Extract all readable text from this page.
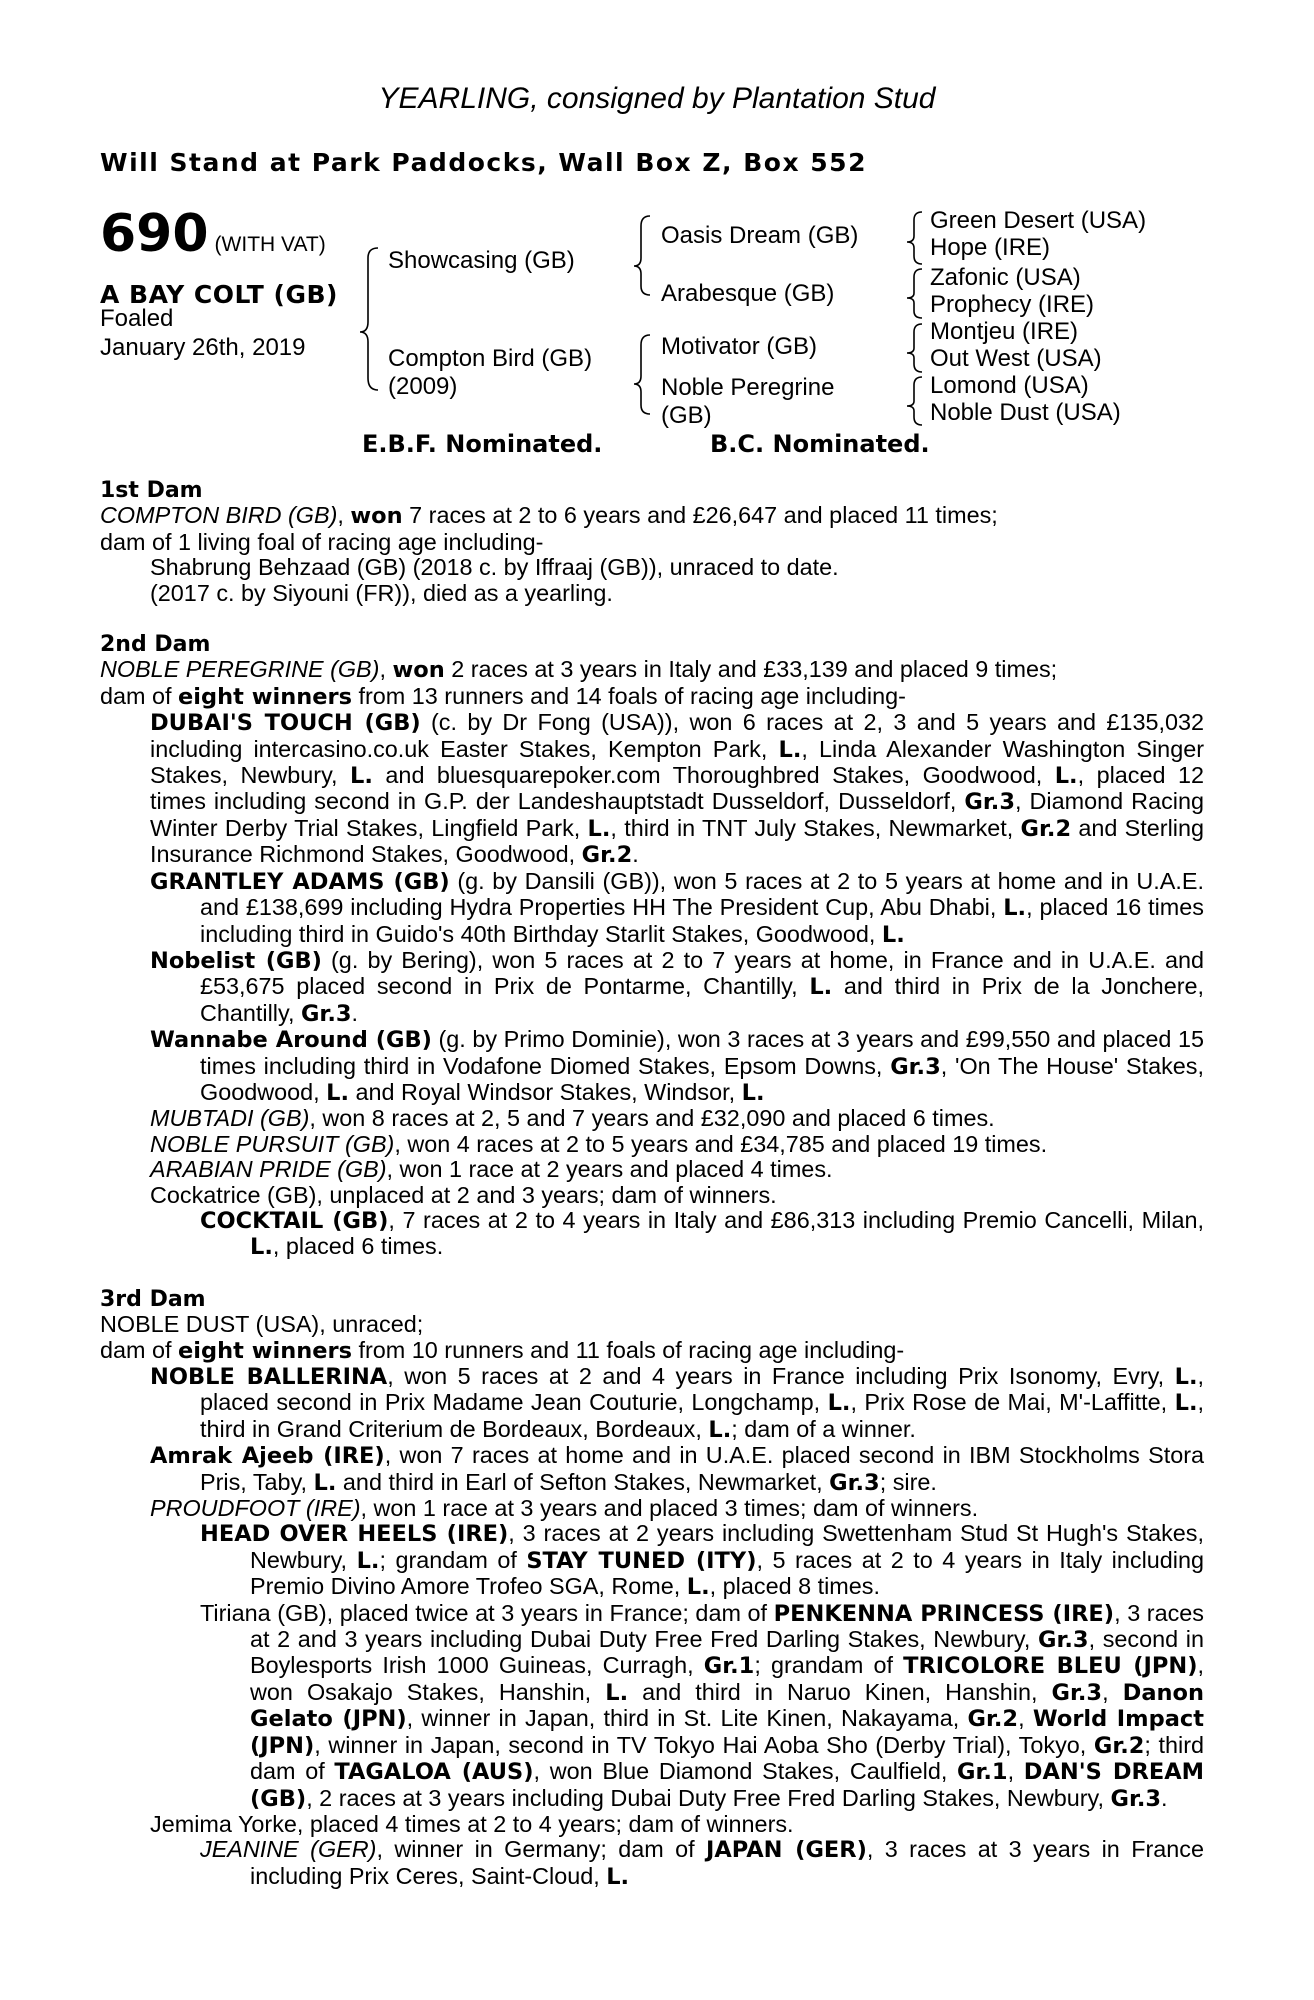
YEARLING, consigned by Plantation Stud
Will Stand at Park Paddocks, Wall Box Z, Box 552
690 (WITH VAT)
A BAY COLT (GB)
Foaled
January 26th, 2019
Showcasing (GB)
Compton Bird (GB)
(2009)
Oasis Dream (GB)
Arabesque (GB)
Motivator (GB)
Noble Peregrine
(GB)
Green Desert (USA)
Hope (IRE)
Zafonic (USA)
Prophecy (IRE)
Montjeu (IRE)
Out West (USA)
Lomond (USA)
Noble Dust (USA)
E.B.F. Nominated.	B.C. Nominated.
1st Dam
COMPTON BIRD (GB), won 7 races at 2 to 6 years and £26,647 and placed 11 times;
dam of 1 living foal of racing age including-
Shabrung Behzaad (GB) (2018 c. by Iffraaj (GB)), unraced to date.
(2017 c. by Siyouni (FR)), died as a yearling.
2nd Dam
NOBLE PEREGRINE (GB), won 2 races at 3 years in Italy and £33,139 and placed 9 times;
dam of eight winners from 13 runners and 14 foals of racing age including-
DUBAI'S TOUCH (GB) (c. by Dr Fong (USA)), won 6 races at 2, 3 and 5 years and £135,032 including intercasino.co.uk Easter Stakes, Kempton Park, L., Linda Alexander Washington Singer Stakes, Newbury, L. and bluesquarepoker.com Thoroughbred Stakes, Goodwood, L., placed 12 times including second in G.P. der Landeshauptstadt Dusseldorf, Dusseldorf, Gr.3, Diamond Racing Winter Derby Trial Stakes, Lingfield Park, L., third in TNT July Stakes, Newmarket, Gr.2 and Sterling Insurance Richmond Stakes, Goodwood, Gr.2.
GRANTLEY ADAMS (GB) (g. by Dansili (GB)), won 5 races at 2 to 5 years at home and in U.A.E. and £138,699 including Hydra Properties HH The President Cup, Abu Dhabi, L., placed 16 times including third in Guido's 40th Birthday Starlit Stakes, Goodwood, L.
Nobelist (GB) (g. by Bering), won 5 races at 2 to 7 years at home, in France and in U.A.E. and £53,675 placed second in Prix de Pontarme, Chantilly, L. and third in Prix de la Jonchere, Chantilly, Gr.3.
Wannabe Around (GB) (g. by Primo Dominie), won 3 races at 3 years and £99,550 and placed 15 times including third in Vodafone Diomed Stakes, Epsom Downs, Gr.3, 'On The House' Stakes, Goodwood, L. and Royal Windsor Stakes, Windsor, L.
MUBTADI (GB), won 8 races at 2, 5 and 7 years and £32,090 and placed 6 times.
NOBLE PURSUIT (GB), won 4 races at 2 to 5 years and £34,785 and placed 19 times.
ARABIAN PRIDE (GB), won 1 race at 2 years and placed 4 times.
Cockatrice (GB), unplaced at 2 and 3 years; dam of winners.
COCKTAIL (GB), 7 races at 2 to 4 years in Italy and £86,313 including Premio Cancelli, Milan, L., placed 6 times.
3rd Dam
NOBLE DUST (USA), unraced;
dam of eight winners from 10 runners and 11 foals of racing age including-
NOBLE BALLERINA, won 5 races at 2 and 4 years in France including Prix Isonomy, Evry, L., placed second in Prix Madame Jean Couturie, Longchamp, L., Prix Rose de Mai, M'-Laffitte, L., third in Grand Criterium de Bordeaux, Bordeaux, L.; dam of a winner.
Amrak Ajeeb (IRE), won 7 races at home and in U.A.E. placed second in IBM Stockholms Stora Pris, Taby, L. and third in Earl of Sefton Stakes, Newmarket, Gr.3; sire.
PROUDFOOT (IRE), won 1 race at 3 years and placed 3 times; dam of winners.
HEAD OVER HEELS (IRE), 3 races at 2 years including Swettenham Stud St Hugh's Stakes, Newbury, L.; grandam of STAY TUNED (ITY), 5 races at 2 to 4 years in Italy including Premio Divino Amore Trofeo SGA, Rome, L., placed 8 times.
Tiriana (GB), placed twice at 3 years in France; dam of PENKENNA PRINCESS (IRE), 3 races at 2 and 3 years including Dubai Duty Free Fred Darling Stakes, Newbury, Gr.3, second in Boylesports Irish 1000 Guineas, Curragh, Gr.1; grandam of TRICOLORE BLEU (JPN), won Osakajo Stakes, Hanshin, L. and third in Naruo Kinen, Hanshin, Gr.3, Danon Gelato (JPN), winner in Japan, third in St. Lite Kinen, Nakayama, Gr.2, World Impact (JPN), winner in Japan, second in TV Tokyo Hai Aoba Sho (Derby Trial), Tokyo, Gr.2; third dam of TAGALOA (AUS), won Blue Diamond Stakes, Caulfield, Gr.1, DAN'S DREAM (GB), 2 races at 3 years including Dubai Duty Free Fred Darling Stakes, Newbury, Gr.3.
Jemima Yorke, placed 4 times at 2 to 4 years; dam of winners.
JEANINE (GER), winner in Germany; dam of JAPAN (GER), 3 races at 3 years in France including Prix Ceres, Saint-Cloud, L.
